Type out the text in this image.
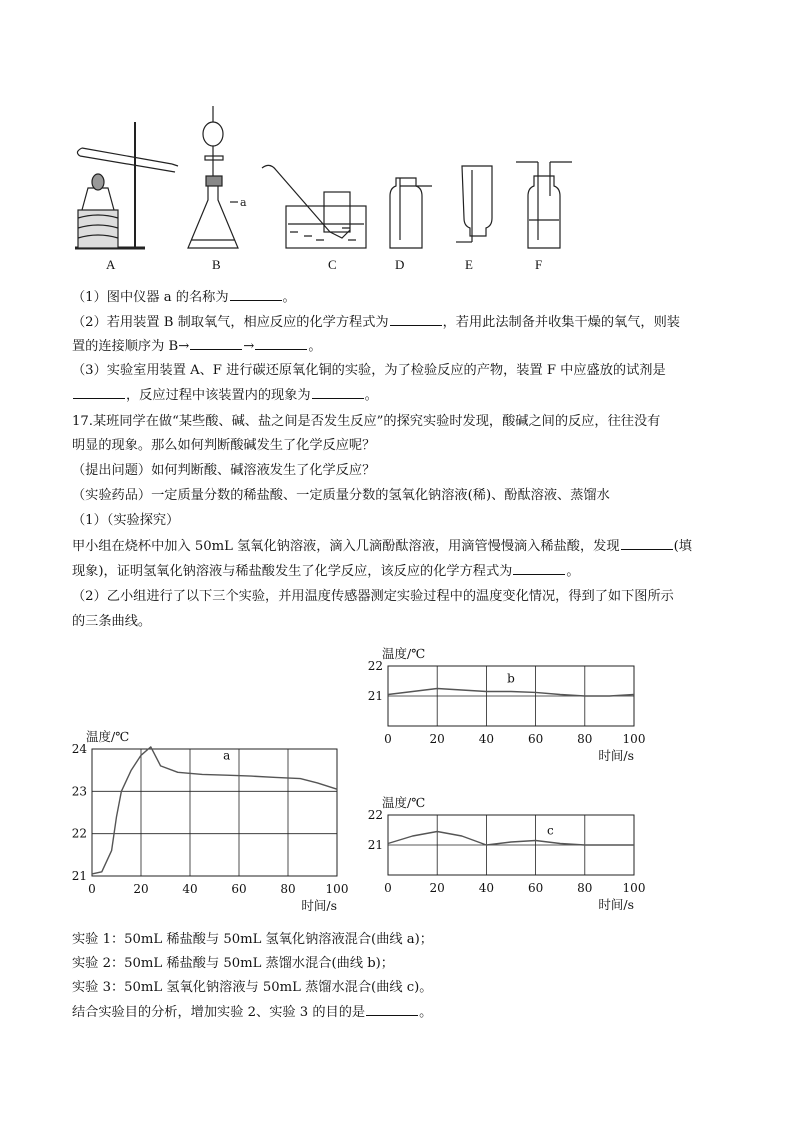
a
A	B	C	D	E	F
（1）图中仪器 a 的名称为	。
（2）若用装置 B 制取氧气，相应反应的化学方程式为	，若用此法制备并收集干燥的氧气，则装
置的连接顺序为 B→	→	。
（3）实验室用装置 A、F 进行碳还原氧化铜的实验，为了检验反应的产物，装置 F 中应盛放的试剂是
，反应过程中该装置内的现象为	。
17.某班同学在做“某些酸、碱、盐之间是否发生反应”的探究实验时发现，酸碱之间的反应，往往没有
明显的现象。那么如何判断酸碱发生了化学反应呢？
（提出问题）如何判断酸、碱溶液发生了化学反应？
（实验药品）一定质量分数的稀盐酸、一定质量分数的氢氧化钠溶液(稀)、酚酞溶液、蒸馏水
（1）（实验探究）
甲小组在烧杯中加入 50mL 氢氧化钠溶液，滴入几滴酚酞溶液，用滴管慢慢滴入稀盐酸，发现	(填
现象)，证明氢氧化钠溶液与稀盐酸发生了化学反应，该反应的化学方程式为	。
（2）乙小组进行了以下三个实验，并用温度传感器测定实验过程中的温度变化情况，得到了如下图所示
的三条曲线。
0	20	40	60	80 100
21
22
23
24
温度/℃
时间/s
a
0	20	40	60	80	100
21
22
温度/℃
时间/s
b
0	20	40	60	80	100
21
22
温度/℃
时间/s
c
实验 1：50mL 稀盐酸与 50mL 氢氧化钠溶液混合(曲线 a)；
实验 2：50mL 稀盐酸与 50mL 蒸馏水混合(曲线 b)；
实验 3：50mL 氢氧化钠溶液与 50mL 蒸馏水混合(曲线 c)。
结合实验目的分析，增加实验 2、实验 3 的目的是	。
